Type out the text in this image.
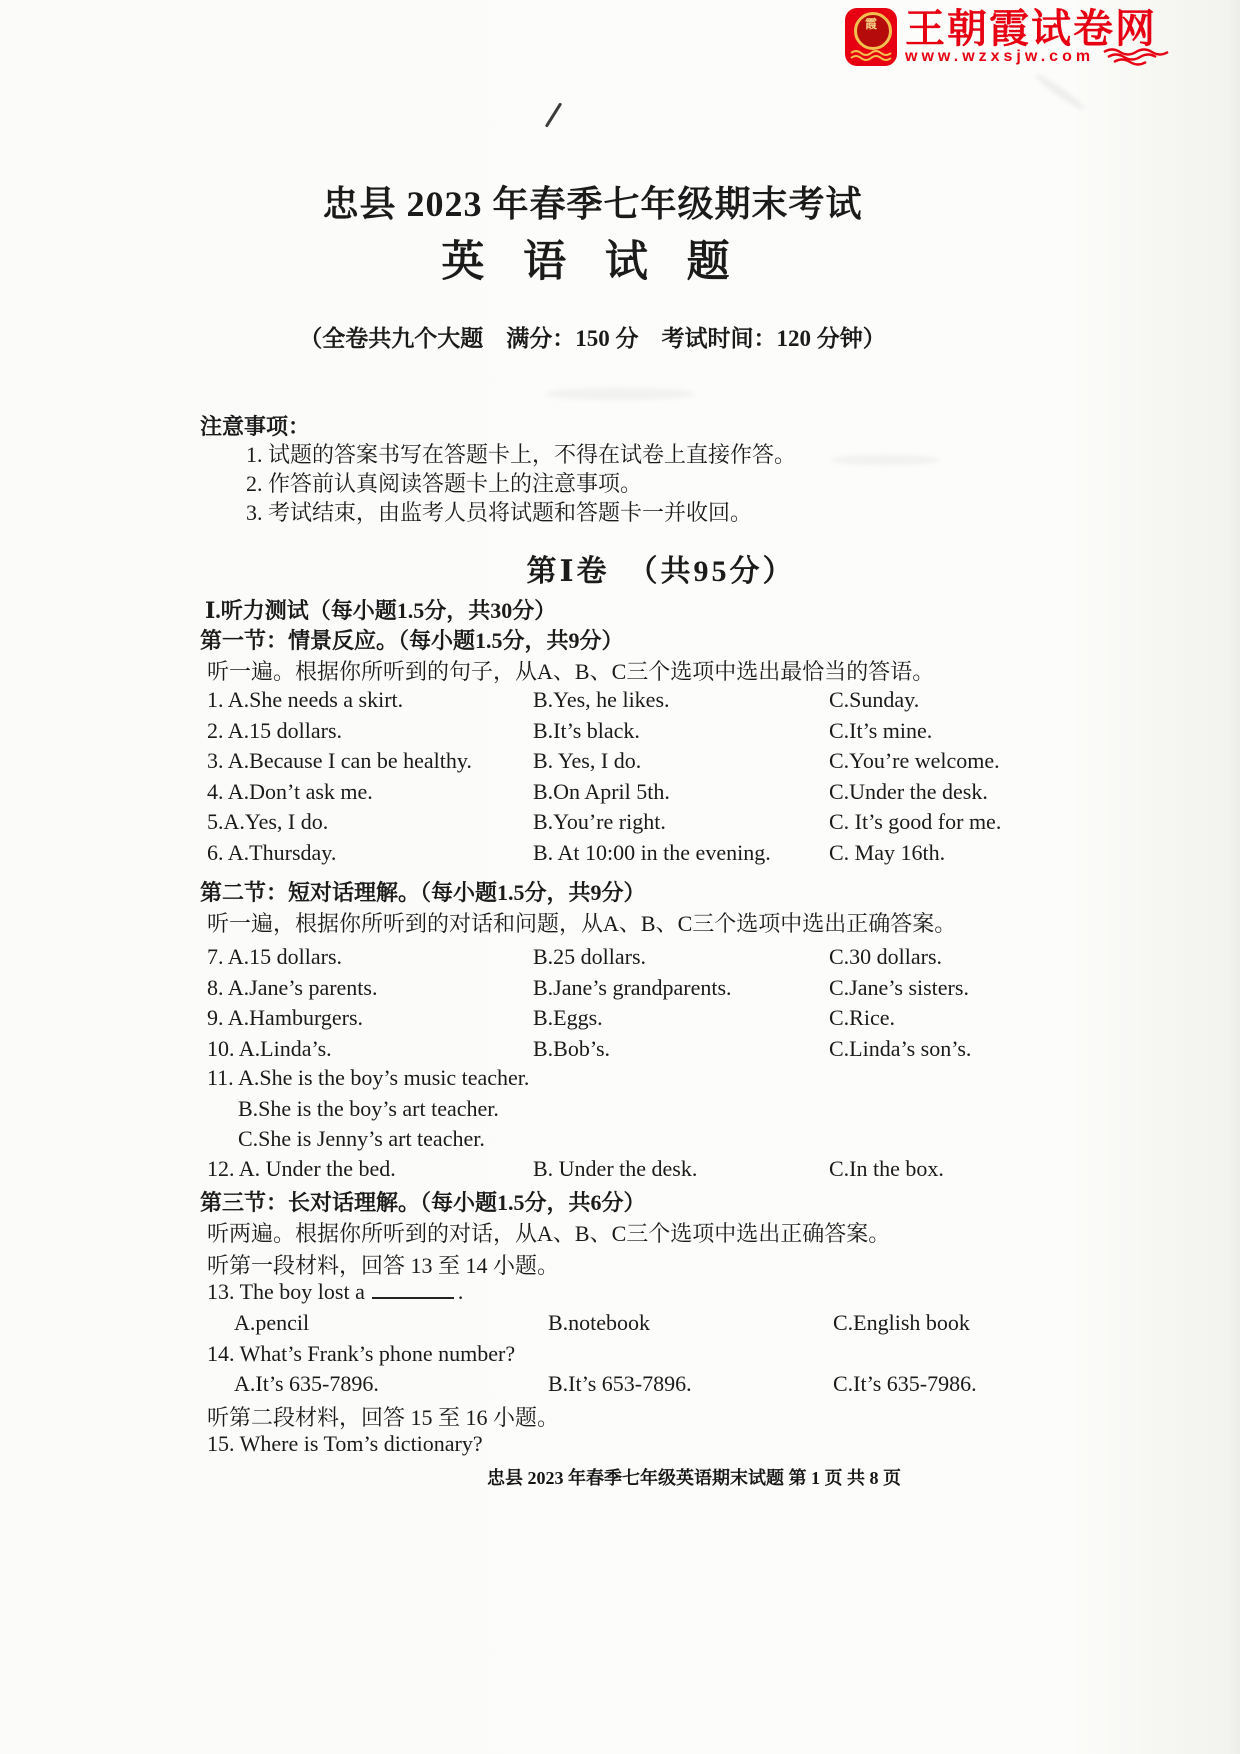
霞 王朝霞试卷网
www.wzxsjw.com
忠县 2023 年春季七年级期末考试
英 语 试 题
（全卷共九个大题　满分：150 分　考试时间：120 分钟）
注意事项：
1. 试题的答案书写在答题卡上，不得在试卷上直接作答。
2. 作答前认真阅读答题卡上的注意事项。
3. 考试结束，由监考人员将试题和答题卡一并收回。
第Ⅰ卷　（共95分）
Ⅰ.听力测试（每小题1.5分，共30分）
第一节：情景反应。（每小题1.5分，共9分）
听一遍。根据你所听到的句子，从A、B、C三个选项中选出最恰当的答语。
1. A.She needs a skirt.	B.Yes, he likes.	C.Sunday.
2. A.15 dollars.	B.It’s black.	C.It’s mine.
3. A.Because I can be healthy.	B. Yes, I do.	C.You’re welcome.
4. A.Don’t ask me.	B.On April 5th.	C.Under the desk.
5.A.Yes, I do.	B.You’re right.	C. It’s good for me.
6. A.Thursday.	B. At 10:00 in the evening.	C. May 16th.
第二节：短对话理解。（每小题1.5分，共9分）
听一遍，根据你所听到的对话和问题，从A、B、C三个选项中选出正确答案。
7. A.15 dollars.	B.25 dollars.	C.30 dollars.
8. A.Jane’s parents.	B.Jane’s grandparents.	C.Jane’s sisters.
9. A.Hamburgers.	B.Eggs.	C.Rice.
10. A.Linda’s.	B.Bob’s.	C.Linda’s son’s.
11. A.She is the boy’s music teacher.
B.She is the boy’s art teacher.
C.She is Jenny’s art teacher.
12. A. Under the bed.	B. Under the desk.	C.In the box.
第三节：长对话理解。（每小题1.5分，共6分）
听两遍。根据你所听到的对话，从A、B、C三个选项中选出正确答案。
听第一段材料，回答 13 至 14 小题。
13. The boy lost a	.
A.pencil	B.notebook	C.English book
14. What’s Frank’s phone number?
A.It’s 635-7896.	B.It’s 653-7896.	C.It’s 635-7986.
听第二段材料，回答 15 至 16 小题。
15. Where is Tom’s dictionary?
忠县 2023 年春季七年级英语期末试题 第 1 页 共 8 页
